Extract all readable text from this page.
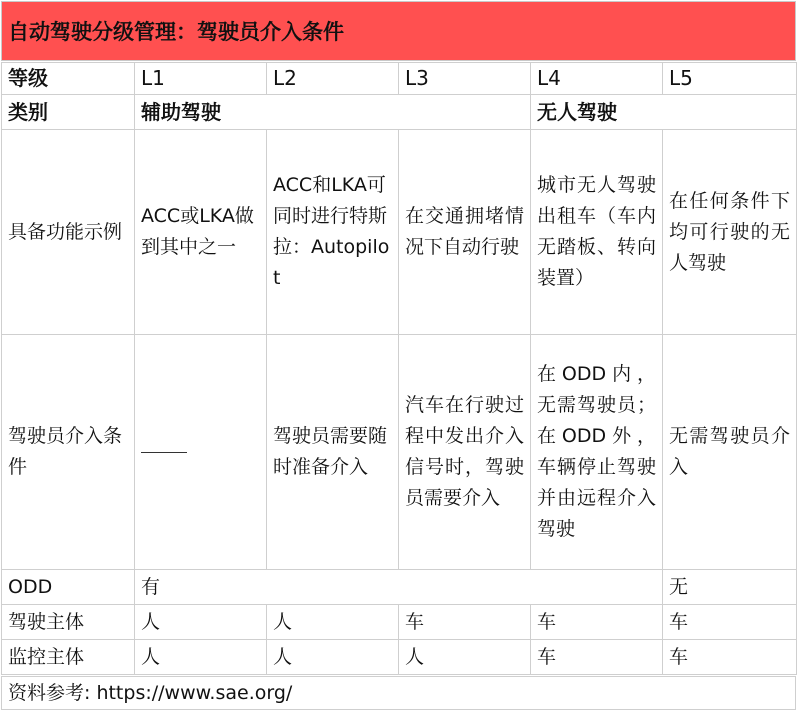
自动驾驶分级管理：驾驶员介入条件
等级	L1	L2	L3	L4	L5
类别	辅助驾驶			无人驾驶	
具备功能示例	ACC或LKA做到其中之一	ACC和LKA可同时进行特斯拉：Autopilot	在交通拥堵情况下自动行驶	城市无人驾驶出租车（车内无踏板、转向装置）	在任何条件下均可行驶的无人驾驶
驾驶员介入条件		驾驶员需要随时准备介入	汽车在行驶过程中发出介入信号时，驾驶员需要介入	在ODD内，无需驾驶员；在ODD外，车辆停止驾驶并由远程介入驾驶	无需驾驶员介入
ODD	有				无
驾驶主体	人	人	车	车	车
监控主体	人	人	人	车	车
资料参考: https://www.sae.org/
